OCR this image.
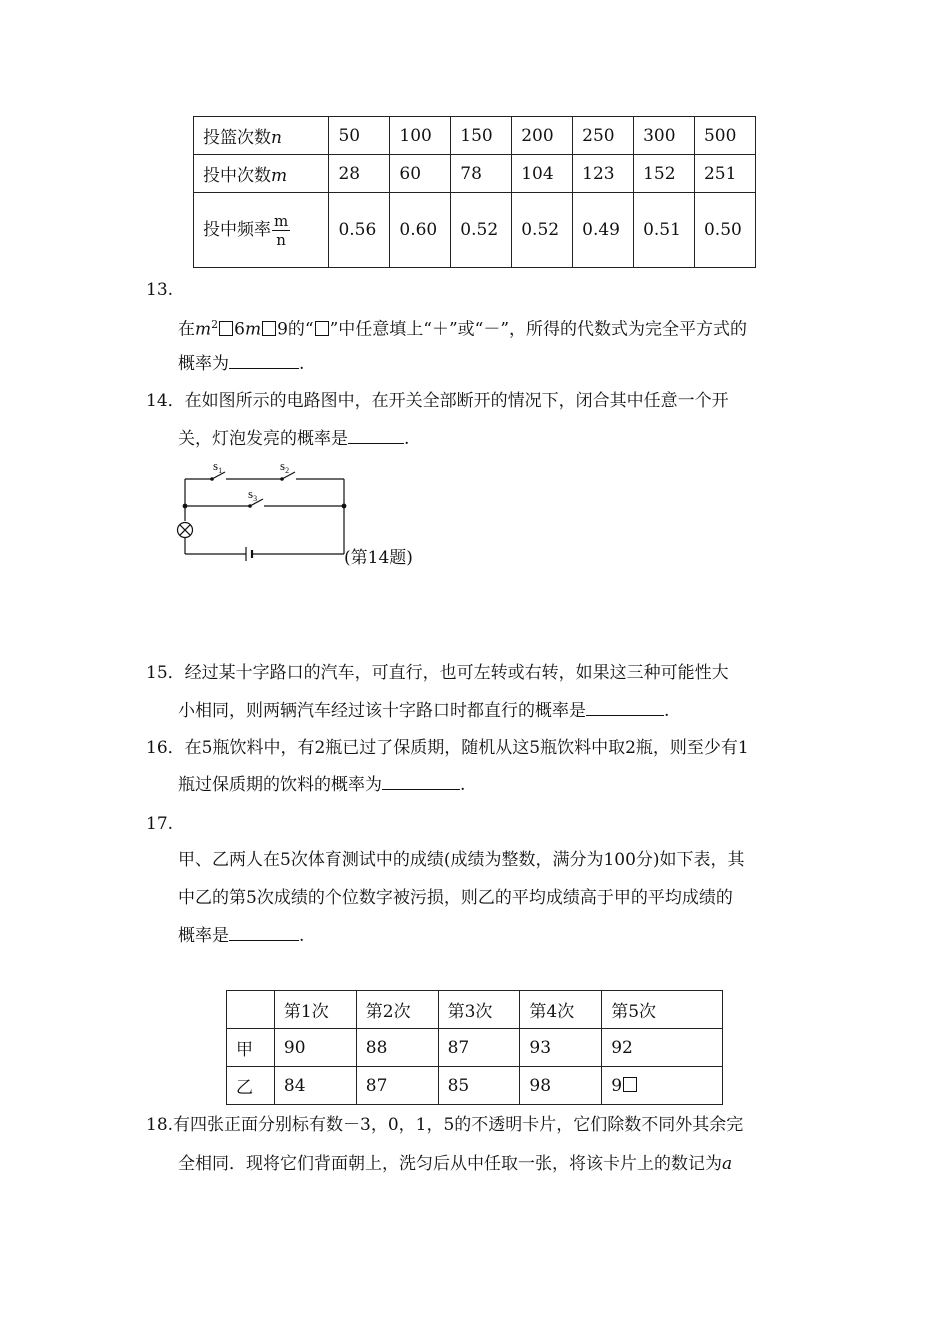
投篮次数n	50	100	150	200	250	300	500
投中次数m	28	60	78	104	123	152	251
投中频率 $\frac{m}{n}$	0.56	0.60	0.52	0.52	0.49	0.51	0.50
13.
在$m^2$ 6m 9的“ ”中任意填上“＋”或“－”，所得的代数式为完全平方式的
概率为	.
14．在如图所示的电路图中，在开关全部断开的情况下，闭合其中任意一个开
关，灯泡发亮的概率是	.
$s_1$	$s_2$
$s_3$
(第14题)
15．经过某十字路口的汽车，可直行，也可左转或右转，如果这三种可能性大
小相同，则两辆汽车经过该十字路口时都直行的概率是	.
16．在5瓶饮料中，有2瓶已过了保质期，随机从这5瓶饮料中取2瓶，则至少有1
瓶过保质期的饮料的概率为	.
17.
甲、乙两人在5次体育测试中的成绩(成绩为整数，满分为100分)如下表，其
中乙的第5次成绩的个位数字被污损，则乙的平均成绩高于甲的平均成绩的
概率是	.
	第1次	第2次	第3次	第4次	第5次
甲	90	88	87	93	92
乙	84	87	85	98	9
18.有四张正面分别标有数－3，0，1，5的不透明卡片，它们除数不同外其余完
全相同．现将它们背面朝上，洗匀后从中任取一张，将该卡片上的数记为a
